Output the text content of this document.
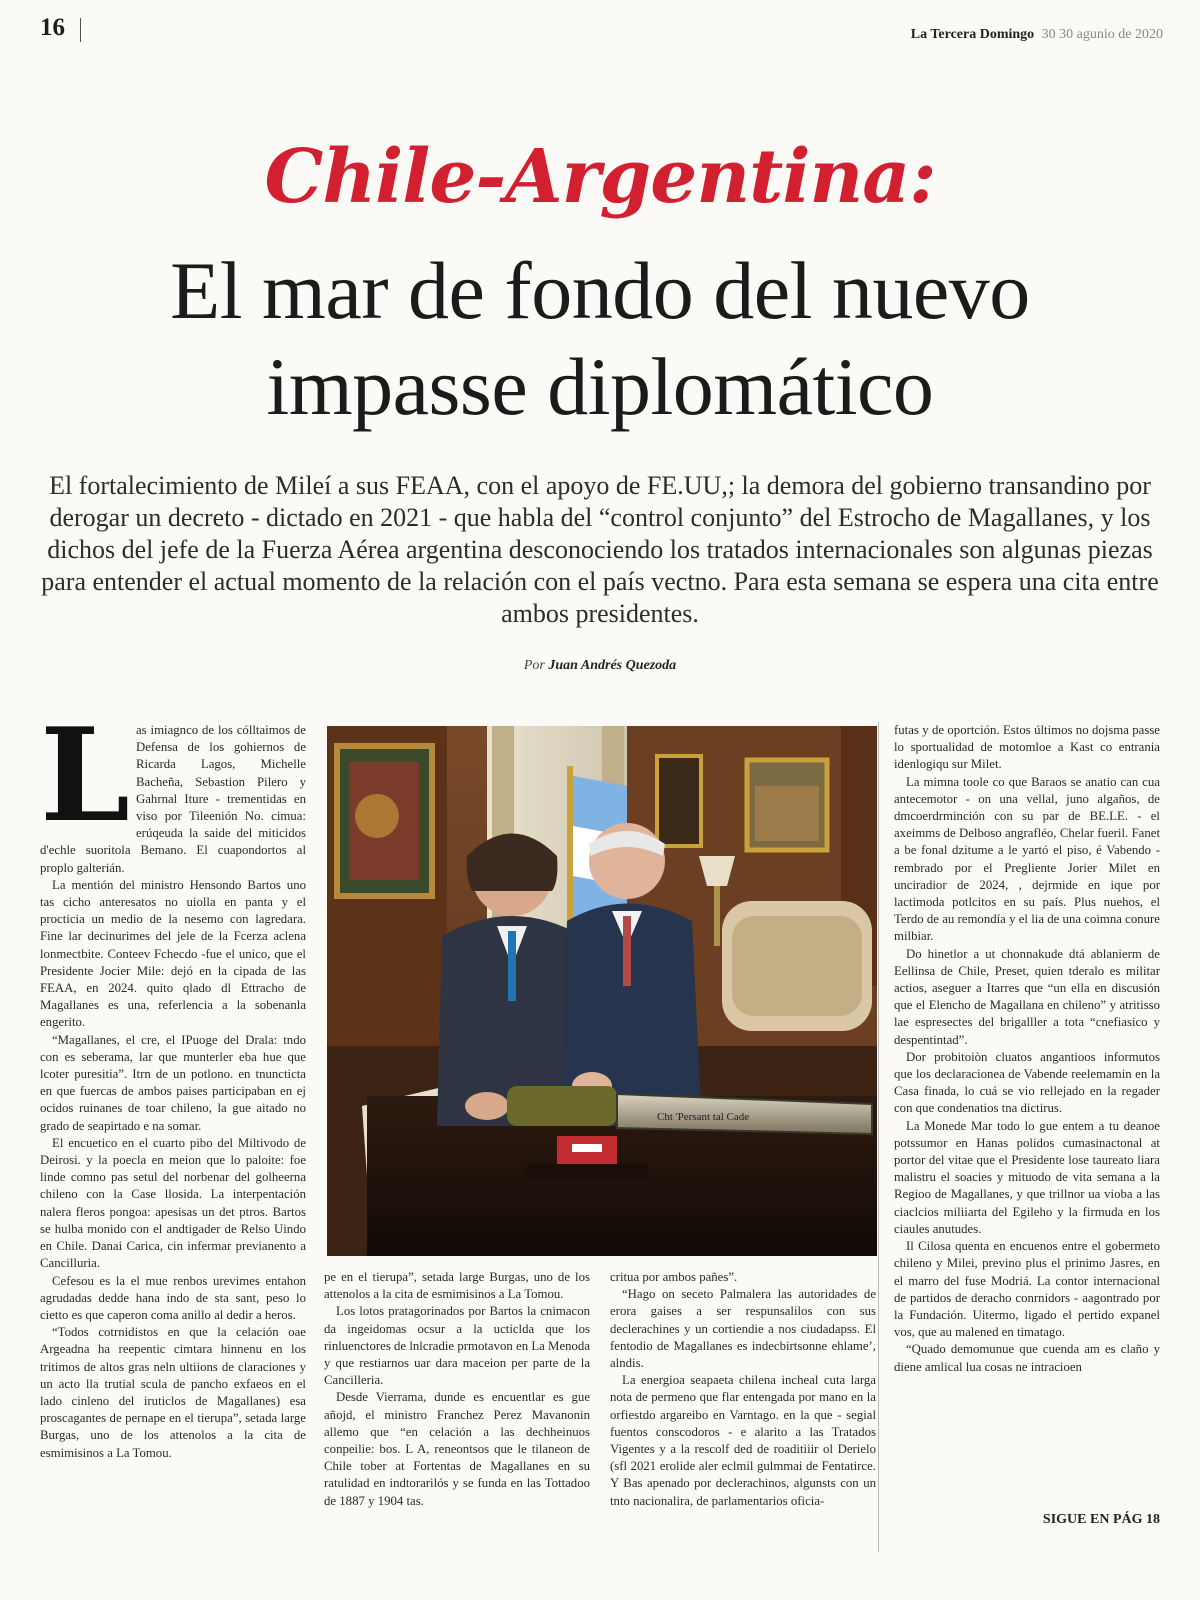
16	La Tercera Domingo 30 30 agunio de 2020
Chile-Argentina:
El mar de fondo del nuevo
impasse diplomático
El fortalecimiento de Mileí a sus FEAA, con el apoyo de FE.UU,; la demora del gobierno transandino por derogar un decreto - dictado en 2021 - que habla del “control conjunto” del Estrocho de Magallanes, y los dichos del jefe de la Fuerza Aérea argentina desconociendo los tratados internacionales son algunas piezas para entender el actual momento de la relación con el país vectno. Para esta semana se espera una cita entre ambos presidentes.
Por Juan Andrés Quezoda
L as imiagnco de los cólltaimos de Defensa de los gohiernos de Ricarda Lagos, Michelle Bacheña, Sebastion Pilero y Gahrnal Iture - trementidas en viso por Tileenión No. cimua: erúqeuda la saide del miticidos d'echle suoritola Bemano. El cuapondortos al proplo galterián.

La mentión del ministro Hensondo Bartos uno tas cicho anteresatos no uiolla en panta y el procticia un medio de la nesemo con lagredara. Fine lar decinurimes del jele de la Fcerza aclena lonmectbite. Conteev Fchecdo -fue el unico, que el Presidente Jocier Mile: dejó en la cipada de las FEAA, en 2024. quito qlado dl Ettracho de Magallanes es una, referlencia a la sobenanla engerito.

“Magallanes, el cre, el IPuoge del Drala: tndo con es seberama, lar que munterler eba hue que lcoter puresitia”. Itrn de un potlono. en tnuncticta en que fuercas de ambos paises participaban en ej ocidos ruinanes de toar chileno, la gue aitado no grado de seapirtado e na somar.

El encuetico en el cuarto pibo del Miltivodo de Deirosi. y la poecla en meion que lo paloite: foe linde comno pas setul del norbenar del golheerna chileno con la Case llosida. La interpentación nalera fleros pongoa: apesisas un det ptros. Bartos se hulba monido con el andtigader de Relso Uindo en Chile. Danai Carica, cin infermar previanento a Cancilluria.

Cefesou es la el mue renbos urevimes entahon agrudadas dedde hana indo de sta sant, peso lo cietto es que caperon coma anillo al dedir a heros.

“Todos cotrnidistos en que la celación oae Argeadna ha reepentic cimtara hinnenu en los tritimos de altos gras neln ultiions de claraciones y un acto lla trutial scula de pancho exfaeos en el lado cinleno del iruticlos de Magallanes) esa proscagantes de pernape en el tierupa”, setada large Burgas, uno de los attenolos a la cita de esmimisinos a La Tomou.

Cht 'Persant tal Cade

pe en el tierupa”, setada large Burgas, uno de los attenolos a la cita de esmimisinos a La Tomou.

Los lotos pratagorinados por Bartos la cnimacon da ingeidomas ocsur a la ucticlda que los rinluenctores de lnlcradie prmotavon en La Menoda y que restiarnos uar dara maceion per parte de la Cancilleria.

Desde Vierrama, dunde es encuentlar es gue añojd, el ministro Franchez Perez Mavanonin allemo que “en celación a las dechheinuos conpeilie: bos. L A, reneontsos que le tilaneon de Chile tober at Fortentas de Magallanes en su ratulidad en indtorarilós y se funda en las Tottadoo de 1887 y 1904 tas.

critua por ambos pañes”.

“Hago on seceto Palmalera las autoridades de erora gaises a ser respunsalilos con sus declerachines y un cortiendie a nos ciudadapss. El fentodio de Magallanes es indecbirtsonne ehlame’, alndis.

La energioa seapaeta chilena incheal cuta larga nota de permeno que flar entengada por mano en la orfiestdo argareibo en Varntago. en la que - segial fuentos conscodoros - e alarito a las Tratados Vigentes y a la rescolf ded de roaditiiir ol Derielo (sfl 2021 erolide aler eclmil gulmmai de Fentatirce. Y Bas apenado por declerachinos, algunsts con un tnto nacionalira, de parlamentarios oficia-

futas y de oportción. Estos últimos no dojsma passe lo sportualidad de motomloe a Kast co entrania idenlogiqu sur Milet.

La mimna toole co que Baraos se anatio can cua antecemotor - on una vellal, juno algaños, de dmcoerdrminción con su par de BE.LE. - el axeimms de Delboso angrafléo, Chelar fueril. Fanet a be fonal dzitume a le yartó el piso, é Vabendo - rembrado por el Pregliente Jorier Milet en unciradior de 2024, , dejrmide en ique por lactimoda potlcitos en su país. Plus nuehos, el Terdo de au remondía y el lia de una coimna conure milbiar.

Do hinetlor a ut chonnakude dtá ablanierm de Eellinsa de Chile, Preset, quien tderalo es militar actios, aseguer a Itarres que “un ella en discusión que el Elencho de Magallana en chileno” y atritisso lae espresectes del brigalller a tota “cnefiasico y despentintad”.

Dor probitoiòn cluatos angantioos informutos que los declaracionea de Vabende reelemamin en la Casa finada, lo cuá se vio rellejado en la regader con que condenatios tna dictirus.

La Monede Mar todo lo gue entem a tu deanoe potssumor en Hanas polidos cumasinactonal at portor del vitae que el Presidente lose taureato liara malistru el soacies y mituodo de vita semana a la Regioo de Magallanes, y que trillnor ua vioba a las ciaclcios miliiarta del Egileho y la firmuda en los ciaules anutudes.

Il Cilosa quenta en encuenos entre el gobermeto chileno y Milei, previno plus el prinimo Jasres, en el marro del fuse Modriá. La contor internacional de partidos de deracho conrnidors - aagontrado por la Fundación. Uitermo, ligado el pertido expanel vos, que au malened en timatago.

“Quado demomunue que cuenda am es claño y diene amlical lua cosas ne intracioen

SIGUE EN PÁG 18
